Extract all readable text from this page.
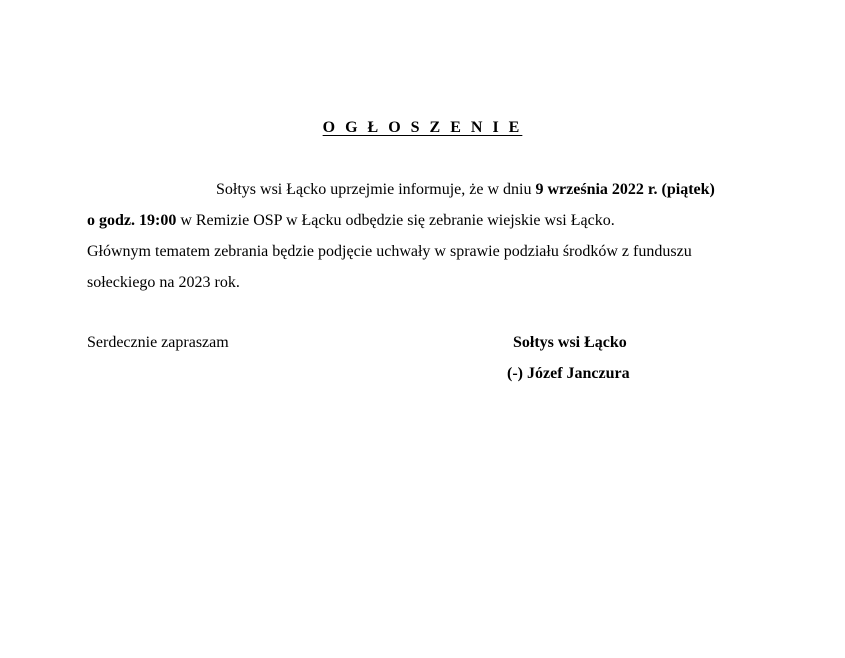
O G Ł O S Z E N I E
Sołtys wsi Łącko uprzejmie informuje, że w dniu 9 września 2022 r. (piątek)
o godz. 19:00 w Remizie OSP w Łącku odbędzie się zebranie wiejskie wsi Łącko.
Głównym tematem zebrania będzie podjęcie uchwały w sprawie podziału środków z funduszu
sołeckiego na 2023 rok.
Serdecznie zapraszam	Sołtys wsi Łącko
(-) Józef Janczura
